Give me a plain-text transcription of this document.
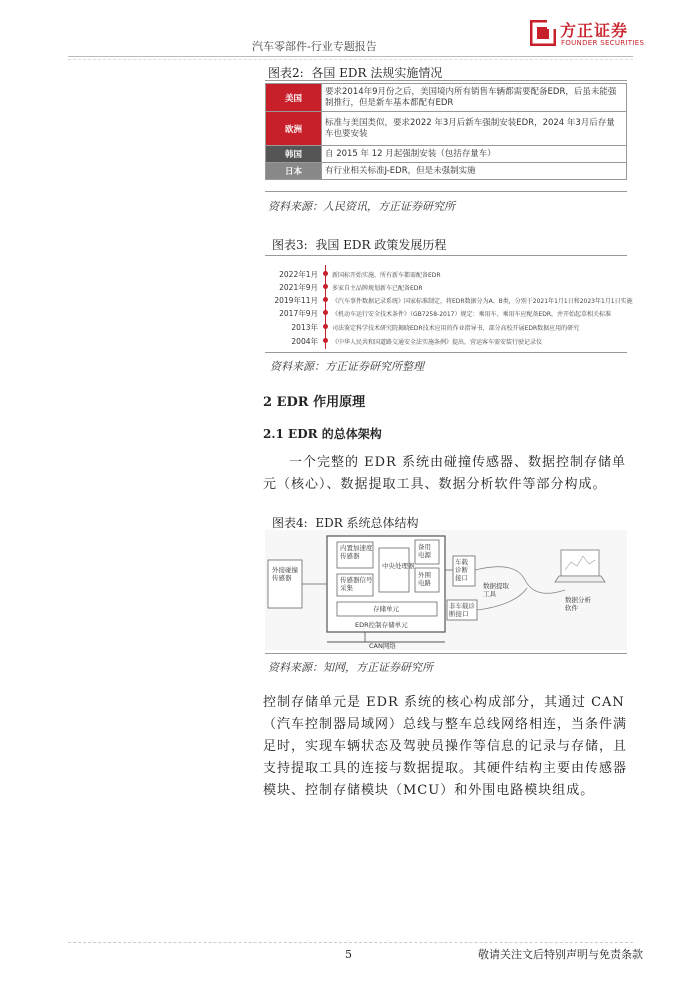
汽车零部件-行业专题报告
方正证券
FOUNDER SECURITIES
图表2: 各国 EDR 法规实施情况
美国	要求2014年9月份之后，美国境内所有销售车辆都需要配备EDR，后虽未能强制推行，但是新车基本都配有EDR
欧洲	标准与美国类似，要求2022 年3月后新车强制安装EDR，2024 年3月后存量车也要安装
韩国	自 2015 年 12 月起强制安装（包括存量车）
日本	有行业相关标准J-EDR，但是未强制实施
资料来源：人民资讯，方正证券研究所
图表3: 我国 EDR 政策发展历程
2022年1月 新国标开始实施，所有新车都需配备EDR
2021年9月 多家自主品牌规划新车已配备EDR
2019年11月 《汽车事件数据记录系统》国家标准制定，将EDR数据分为A、B类，分别于2021年1月1日和2023年1月1日实施
2017年9月 《机动车运行安全技术条件》（GB7258-2017）规定：乘用车、乘用车应配备EDR，并开始起草相关标准
2013年 司法鉴定科学技术研究院揭晓EDR技术应用的作业指导书，部分高校开展EDR数据应用的研究
2004年 《中华人民共和国道路交通安全法实施条例》提出，营运客车需安装行驶记录仪
资料来源：方正证券研究所整理
2 EDR 作用原理
2.1 EDR 的总体架构

一个完整的 EDR 系统由碰撞传感器、数据控制存储单元（核心）、数据提取工具、数据分析软件等部分构成。

图表4: EDR 系统总体结构
外接碰撞传感器
内置加速度传感器
中央处理器
备用电源
传感器信号采集
外围电路
存储单元
EDR控制存储单元
车载诊断接口
非车载诊断接口
CAN网络
数据提取工具
数据分析软件
资料来源：知网，方正证券研究所

控制存储单元是 EDR 系统的核心构成部分，其通过 CAN（汽车控制器局域网）总线与整车总线网络相连，当条件满足时，实现车辆状态及驾驶员操作等信息的记录与存储，且支持提取工具的连接与数据提取。其硬件结构主要由传感器模块、控制存储模块（MCU）和外围电路模块组成。

5	敬请关注文后特别声明与免责条款
